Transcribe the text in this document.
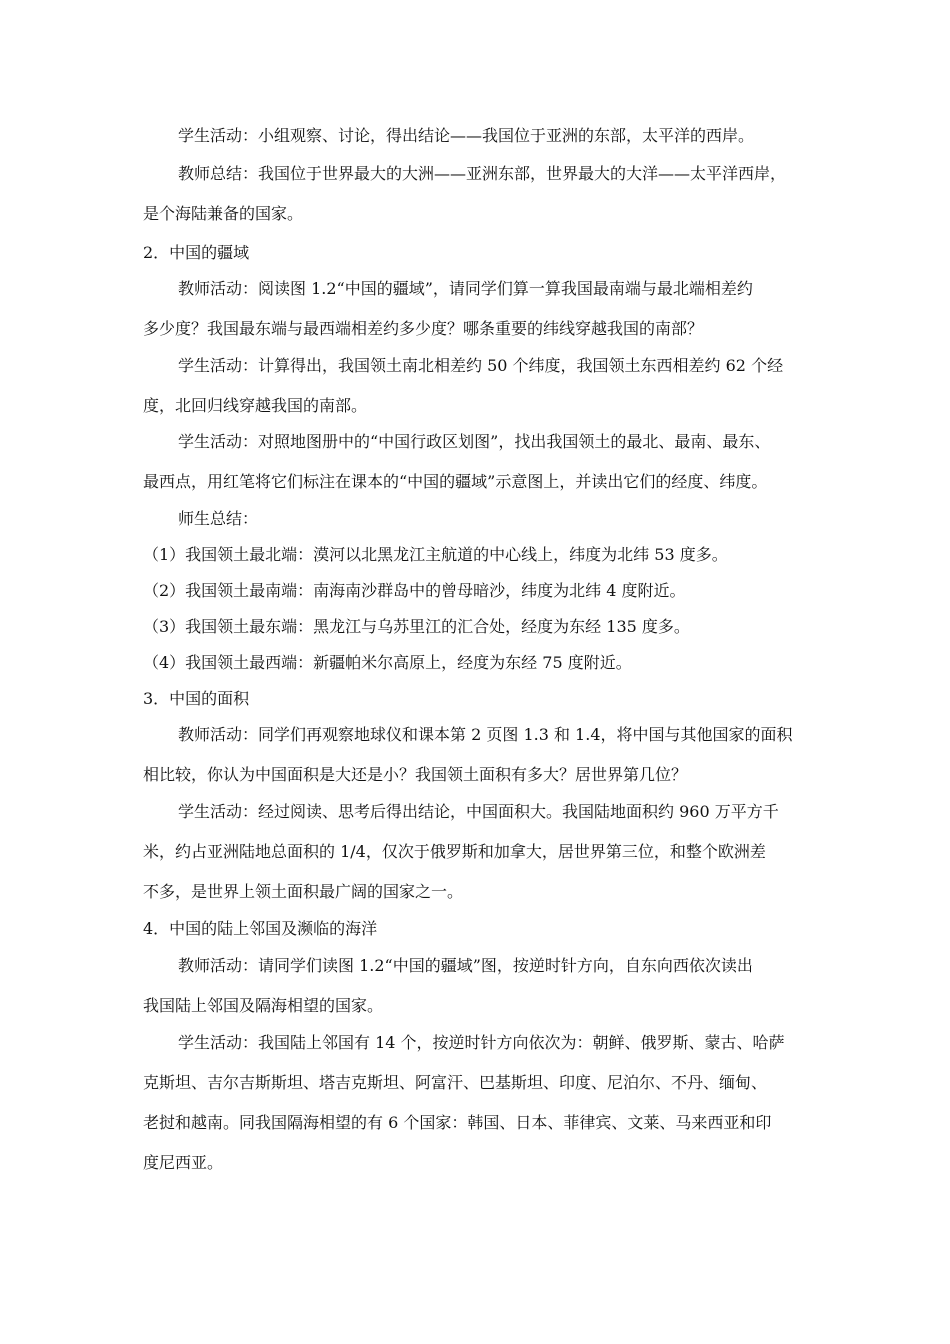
学生活动：小组观察、讨论，得出结论——我国位于亚洲的东部，太平洋的西岸。
教师总结：我国位于世界最大的大洲——亚洲东部，世界最大的大洋——太平洋西岸，
是个海陆兼备的国家。
2．中国的疆域
教师活动：阅读图 1.2“中国的疆域”，请同学们算一算我国最南端与最北端相差约
多少度？我国最东端与最西端相差约多少度？哪条重要的纬线穿越我国的南部？
学生活动：计算得出，我国领土南北相差约 50 个纬度，我国领土东西相差约 62 个经
度，北回归线穿越我国的南部。
学生活动：对照地图册中的“中国行政区划图”，找出我国领土的最北、最南、最东、
最西点，用红笔将它们标注在课本的“中国的疆域”示意图上，并读出它们的经度、纬度。
师生总结：
（1）我国领土最北端：漠河以北黑龙江主航道的中心线上，纬度为北纬 53 度多。
（2）我国领土最南端：南海南沙群岛中的曾母暗沙，纬度为北纬 4 度附近。
（3）我国领土最东端：黑龙江与乌苏里江的汇合处，经度为东经 135 度多。
（4）我国领土最西端：新疆帕米尔高原上，经度为东经 75 度附近。
3．中国的面积
教师活动：同学们再观察地球仪和课本第 2 页图 1.3 和 1.4，将中国与其他国家的面积
相比较，你认为中国面积是大还是小？我国领土面积有多大？居世界第几位？
学生活动：经过阅读、思考后得出结论，中国面积大。我国陆地面积约 960 万平方千
米，约占亚洲陆地总面积的 1/4，仅次于俄罗斯和加拿大，居世界第三位，和整个欧洲差
不多，是世界上领土面积最广阔的国家之一。
4．中国的陆上邻国及濒临的海洋
教师活动：请同学们读图 1.2“中国的疆域”图，按逆时针方向，自东向西依次读出
我国陆上邻国及隔海相望的国家。
学生活动：我国陆上邻国有 14 个，按逆时针方向依次为：朝鲜、俄罗斯、蒙古、哈萨
克斯坦、吉尔吉斯斯坦、塔吉克斯坦、阿富汗、巴基斯坦、印度、尼泊尔、不丹、缅甸、
老挝和越南。同我国隔海相望的有 6 个国家：韩国、日本、菲律宾、文莱、马来西亚和印
度尼西亚。
